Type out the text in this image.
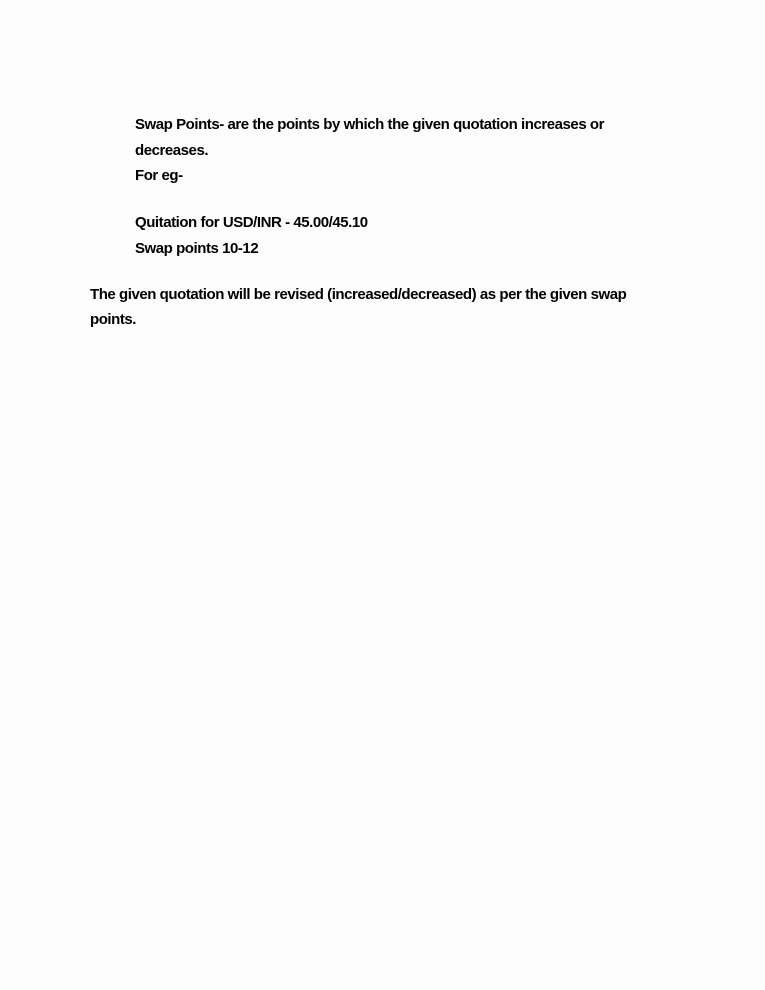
Swap Points- are the points by which the given quotation increases or
decreases.
For eg-
Quitation for USD/INR - 45.00/45.10
Swap points 10-12
The given quotation will be revised (increased/decreased) as per the given swap
points.
